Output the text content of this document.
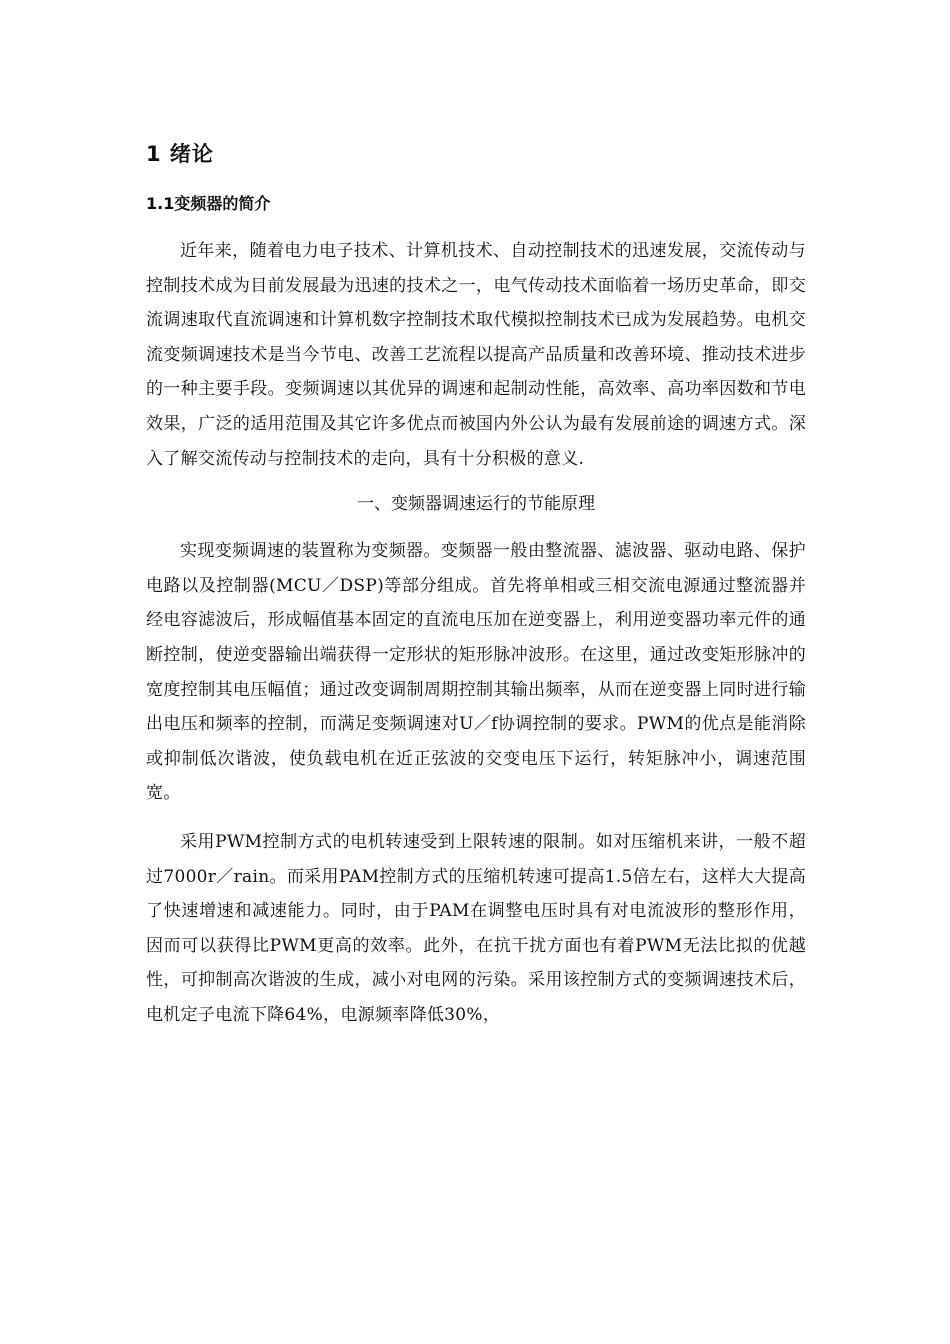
1 绪论
1.1变频器的简介

近年来，随着电力电子技术、计算机技术、自动控制技术的迅速发展，交流传动与控制技术成为目前发展最为迅速的技术之一，电气传动技术面临着一场历史革命，即交流调速取代直流调速和计算机数字控制技术取代模拟控制技术已成为发展趋势。电机交流变频调速技术是当今节电、改善工艺流程以提高产品质量和改善环境、推动技术进步的一种主要手段。变频调速以其优异的调速和起制动性能，高效率、高功率因数和节电效果，广泛的适用范围及其它许多优点而被国内外公认为最有发展前途的调速方式。深入了解交流传动与控制技术的走向，具有十分积极的意义.

一、变频器调速运行的节能原理

实现变频调速的装置称为变频器。变频器一般由整流器、滤波器、驱动电路、保护电路以及控制器(MCU／DSP)等部分组成。首先将单相或三相交流电源通过整流器并经电容滤波后，形成幅值基本固定的直流电压加在逆变器上，利用逆变器功率元件的通断控制，使逆变器输出端获得一定形状的矩形脉冲波形。在这里，通过改变矩形脉冲的宽度控制其电压幅值；通过改变调制周期控制其输出频率，从而在逆变器上同时进行输出电压和频率的控制，而满足变频调速对U／f协调控制的要求。PWM的优点是能消除或抑制低次谐波，使负载电机在近正弦波的交变电压下运行，转矩脉冲小，调速范围宽。

采用PWM控制方式的电机转速受到上限转速的限制。如对压缩机来讲，一般不超过7000r／rain。而采用PAM控制方式的压缩机转速可提高1.5倍左右，这样大大提高了快速增速和减速能力。同时，由于PAM在调整电压时具有对电流波形的整形作用，因而可以获得比PWM更高的效率。此外，在抗干扰方面也有着PWM无法比拟的优越性，可抑制高次谐波的生成，减小对电网的污染。采用该控制方式的变频调速技术后，电机定子电流下降64%，电源频率降低30%，
